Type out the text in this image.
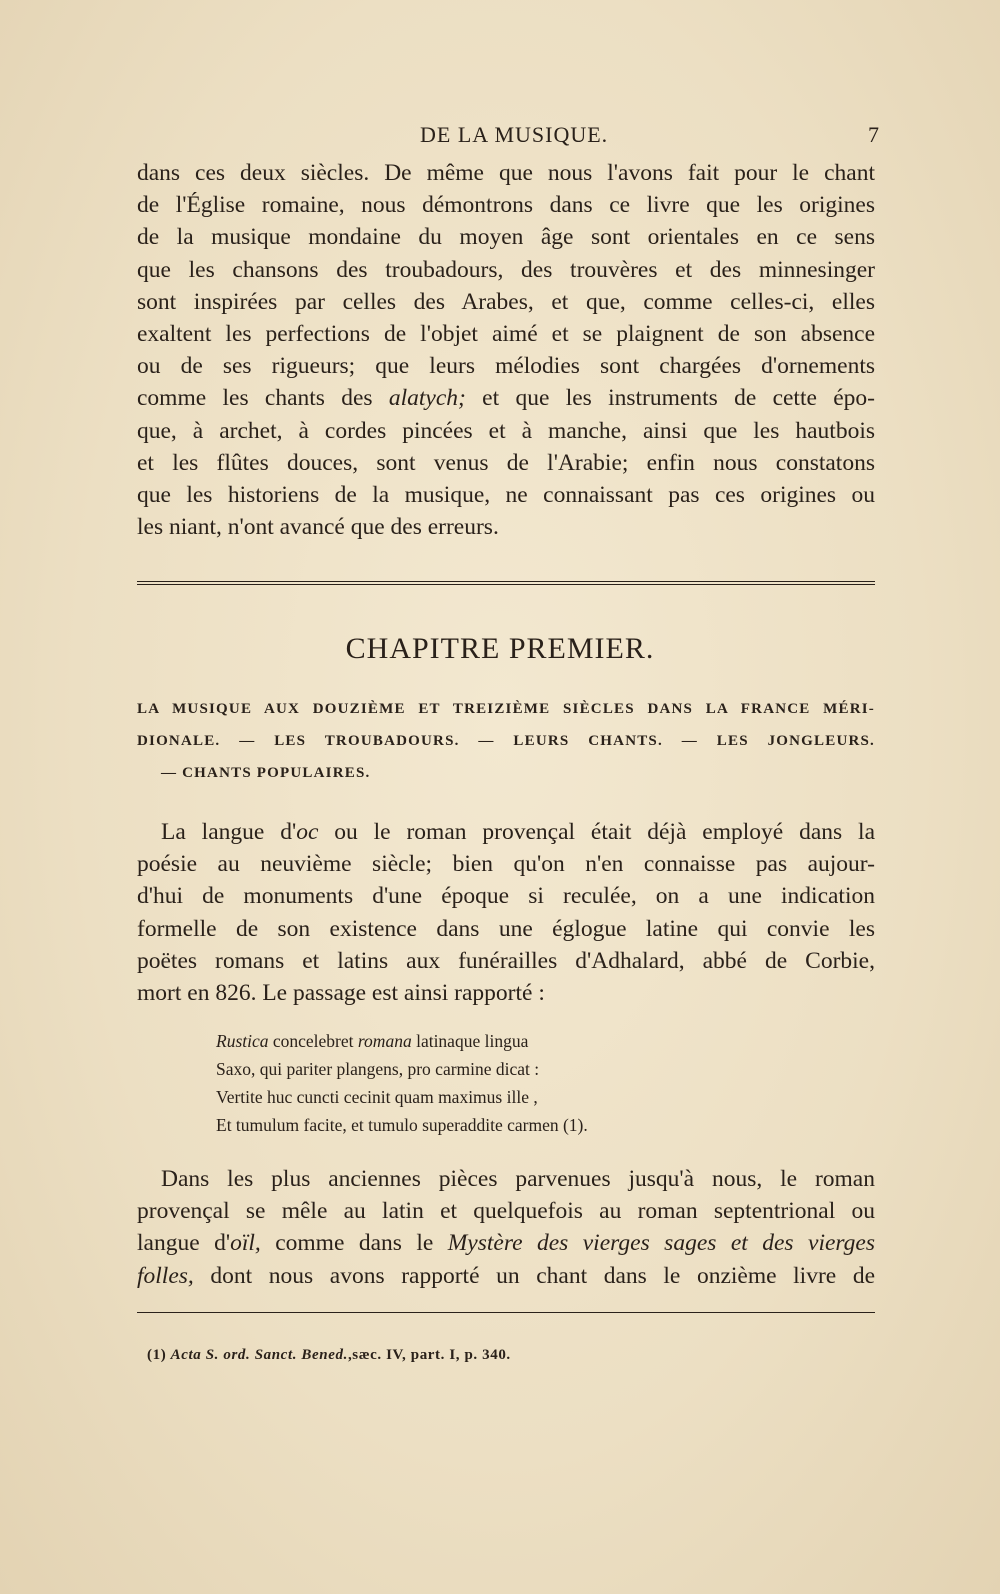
DE LA MUSIQUE.	7
dans ces deux siècles. De même que nous l'avons fait pour le chant
de l'Église romaine, nous démontrons dans ce livre que les origines
de la musique mondaine du moyen âge sont orientales en ce sens
que les chansons des troubadours, des trouvères et des minnesinger
sont inspirées par celles des Arabes, et que, comme celles-ci, elles
exaltent les perfections de l'objet aimé et se plaignent de son absence
ou de ses rigueurs; que leurs mélodies sont chargées d'ornements
comme les chants des alatych; et que les instruments de cette épo-
que, à archet, à cordes pincées et à manche, ainsi que les hautbois
et les flûtes douces, sont venus de l'Arabie; enfin nous constatons
que les historiens de la musique, ne connaissant pas ces origines ou
les niant, n'ont avancé que des erreurs.
CHAPITRE PREMIER.
LA MUSIQUE AUX DOUZIÈME ET TREIZIÈME SIÈCLES DANS LA FRANCE MÉRI-
DIONALE. — LES TROUBADOURS. — LEURS CHANTS. — LES JONGLEURS.
— CHANTS POPULAIRES.
La langue d'oc ou le roman provençal était déjà employé dans la
poésie au neuvième siècle; bien qu'on n'en connaisse pas aujour-
d'hui de monuments d'une époque si reculée, on a une indication
formelle de son existence dans une églogue latine qui convie les
poëtes romans et latins aux funérailles d'Adhalard, abbé de Corbie,
mort en 826. Le passage est ainsi rapporté :
Rustica concelebret romana latinaque lingua
Saxo, qui pariter plangens, pro carmine dicat :
Vertite huc cuncti cecinit quam maximus ille ,
Et tumulum facite, et tumulo superaddite carmen (1).
Dans les plus anciennes pièces parvenues jusqu'à nous, le roman
provençal se mêle au latin et quelquefois au roman septentrional ou
langue d'oïl, comme dans le Mystère des vierges sages et des vierges
folles, dont nous avons rapporté un chant dans le onzième livre de
(1) Acta S. ord. Sanct. Bened.,sæc. IV, part. I, p. 340.
